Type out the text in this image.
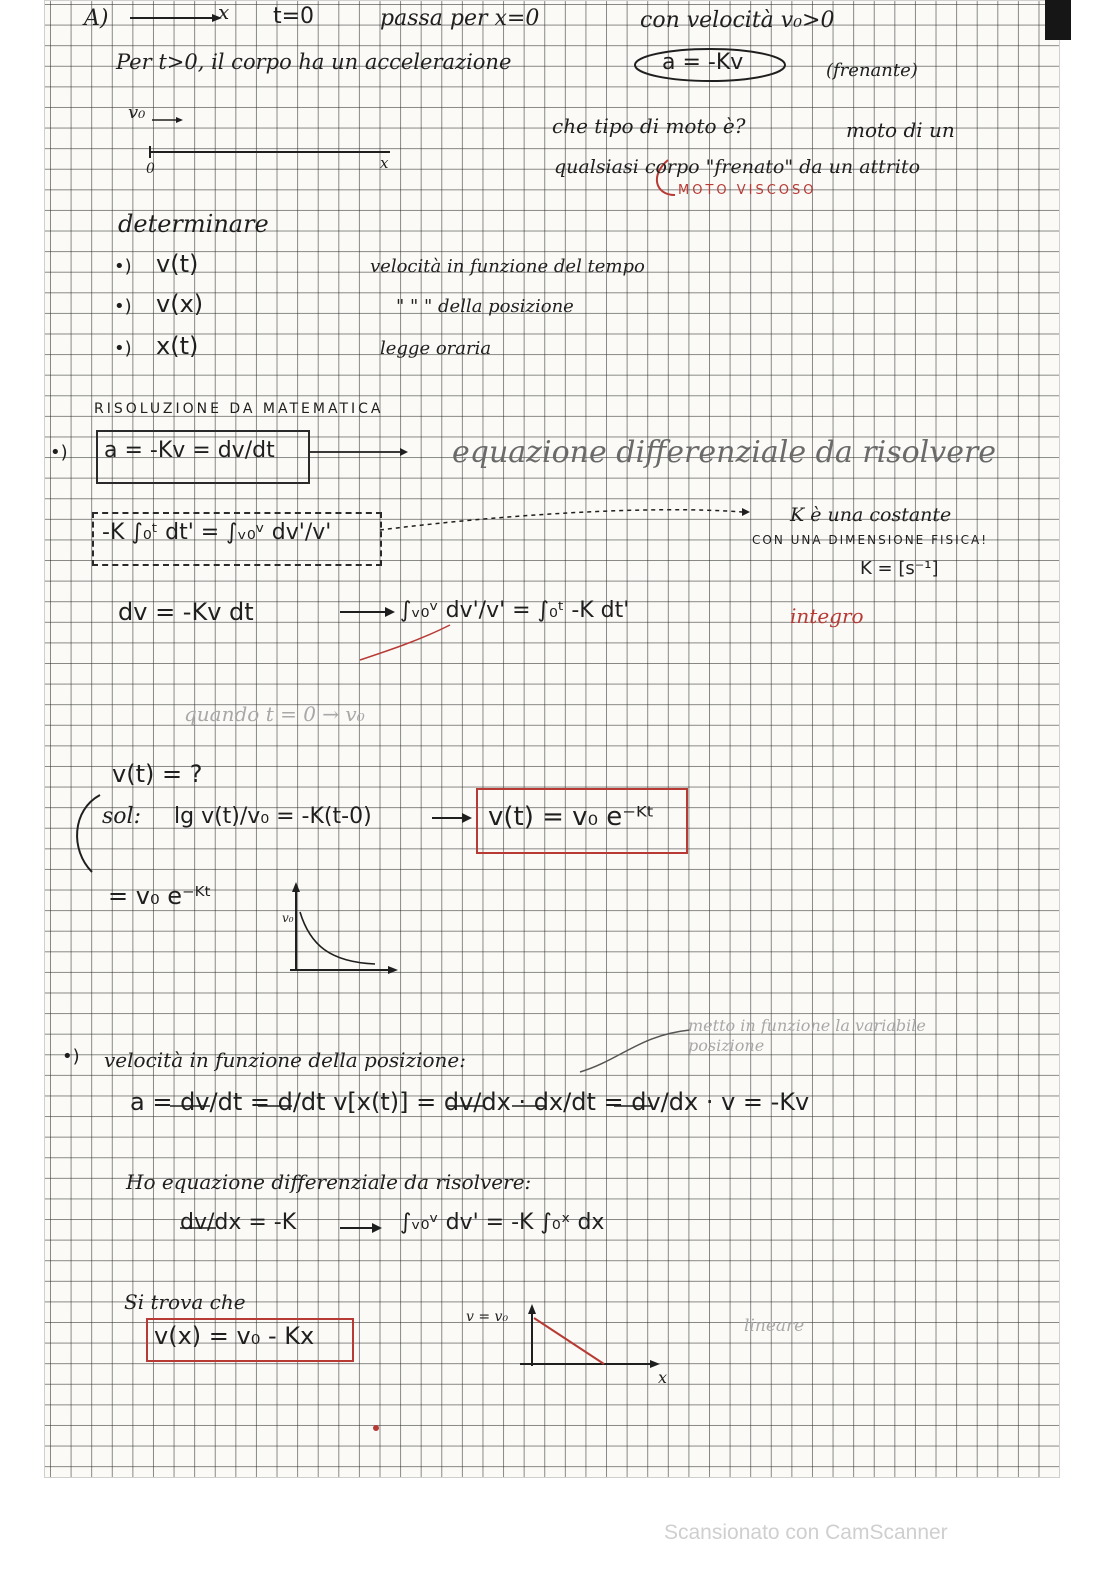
A)	x t=0	passa per x=0	con velocità v₀>0
Per t>0, il corpo ha un accelerazione	a = -Kv	(frenante)
v₀
0	x
che tipo di moto è?	moto di un
qualsiasi corpo "frenato" da un attrito
MOTO VISCOSO
determinare
•) v(t)	velocità in funzione del tempo
•) v(x)	" " " della posizione
•) x(t)	legge oraria
RISOLUZIONE DA MATEMATICA
•) a = -Kv = dv/dt	equazione differenziale da risolvere
-K ∫₀ᵗ dt' = ∫ᵥ₀ᵛ dv'/v'
K è una costante
CON UNA DIMENSIONE FISICA!
K = [s⁻¹]
dv = -Kv dt	∫ᵥ₀ᵛ dv'/v' = ∫₀ᵗ -K dt'	integro
quando t = 0 → v₀
v(t) = ?
sol: lg v(t)/v₀ = -K(t-0)	v(t) = v₀ e⁻ᴷᵗ
= v₀ e⁻ᴷᵗ
v₀
•) velocità in funzione della posizione:
metto in funzione la variabile posizione
a = dv/dt = d/dt v[x(t)] = dv/dx · dx/dt = dv/dx · v = -Kv
Ho equazione differenziale da risolvere:
dv/dx = -K	∫ᵥ₀ᵛ dv' = -K ∫₀ˣ dx
Si trova che
v(x) = v₀ - Kx
v = v₀
x
lineare
Scansionato con CamScanner
